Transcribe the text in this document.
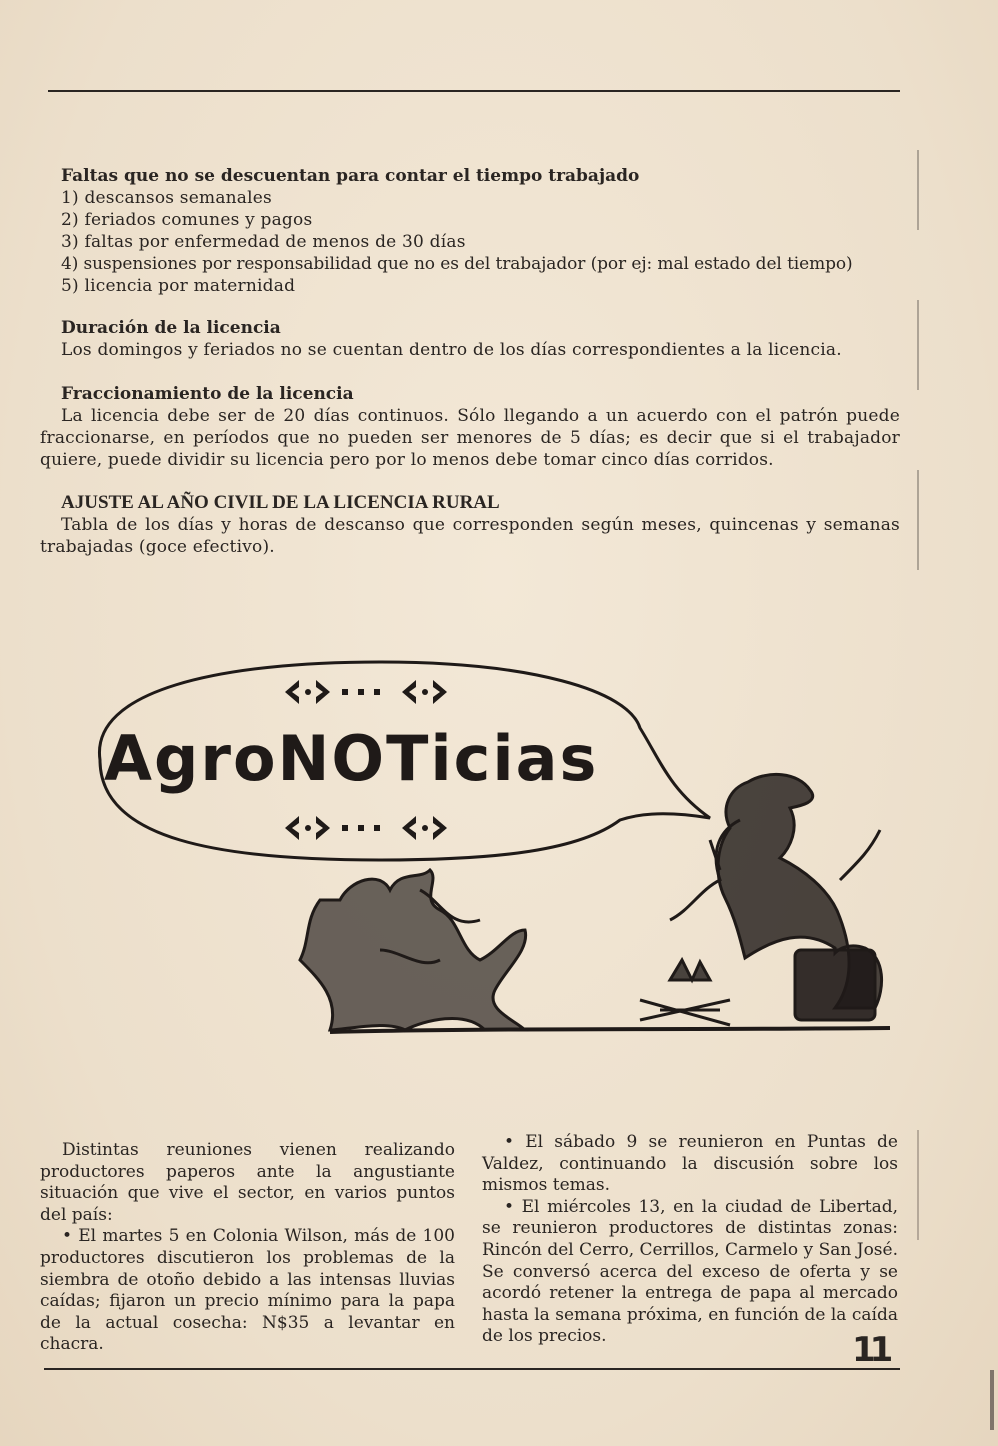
Faltas que no se descuentan para contar el tiempo trabajado
1) descansos semanales
2) feriados comunes y pagos
3) faltas por enfermedad de menos de 30 días
4) suspensiones por responsabilidad que no es del trabajador (por ej: mal estado del tiempo)
5) licencia por maternidad
Duración de la licencia
Los domingos y feriados no se cuentan dentro de los días correspondientes a la licencia.
Fraccionamiento de la licencia
La licencia debe ser de 20 días continuos. Sólo llegando a un acuerdo con el patrón puede fraccionarse, en períodos que no pueden ser menores de 5 días; es decir que si el trabajador quiere, puede dividir su licencia pero por lo menos debe tomar cinco días corridos.
AJUSTE AL AÑO CIVIL DE LA LICENCIA RURAL
Tabla de los días y horas de descanso que corresponden según meses, quincenas y semanas trabajadas (goce efectivo).
AgroNOTicias

Distintas reuniones vienen realizando productores paperos ante la angustiante situación que vive el sector, en varios puntos del país:

• El martes 5 en Colonia Wilson, más de 100 productores discutieron los problemas de la siembra de otoño debido a las intensas lluvias caídas; fijaron un precio mínimo para la papa de la actual cosecha: N$35 a levantar en chacra.

• El sábado 9 se reunieron en Puntas de Valdez, continuando la discusión sobre los mismos temas.

• El miércoles 13, en la ciudad de Libertad, se reunieron productores de distintas zonas: Rincón del Cerro, Cerrillos, Carmelo y San José. Se conversó acerca del exceso de oferta y se acordó retener la entrega de papa al mercado hasta la semana próxima, en función de la caída de los precios.	11
